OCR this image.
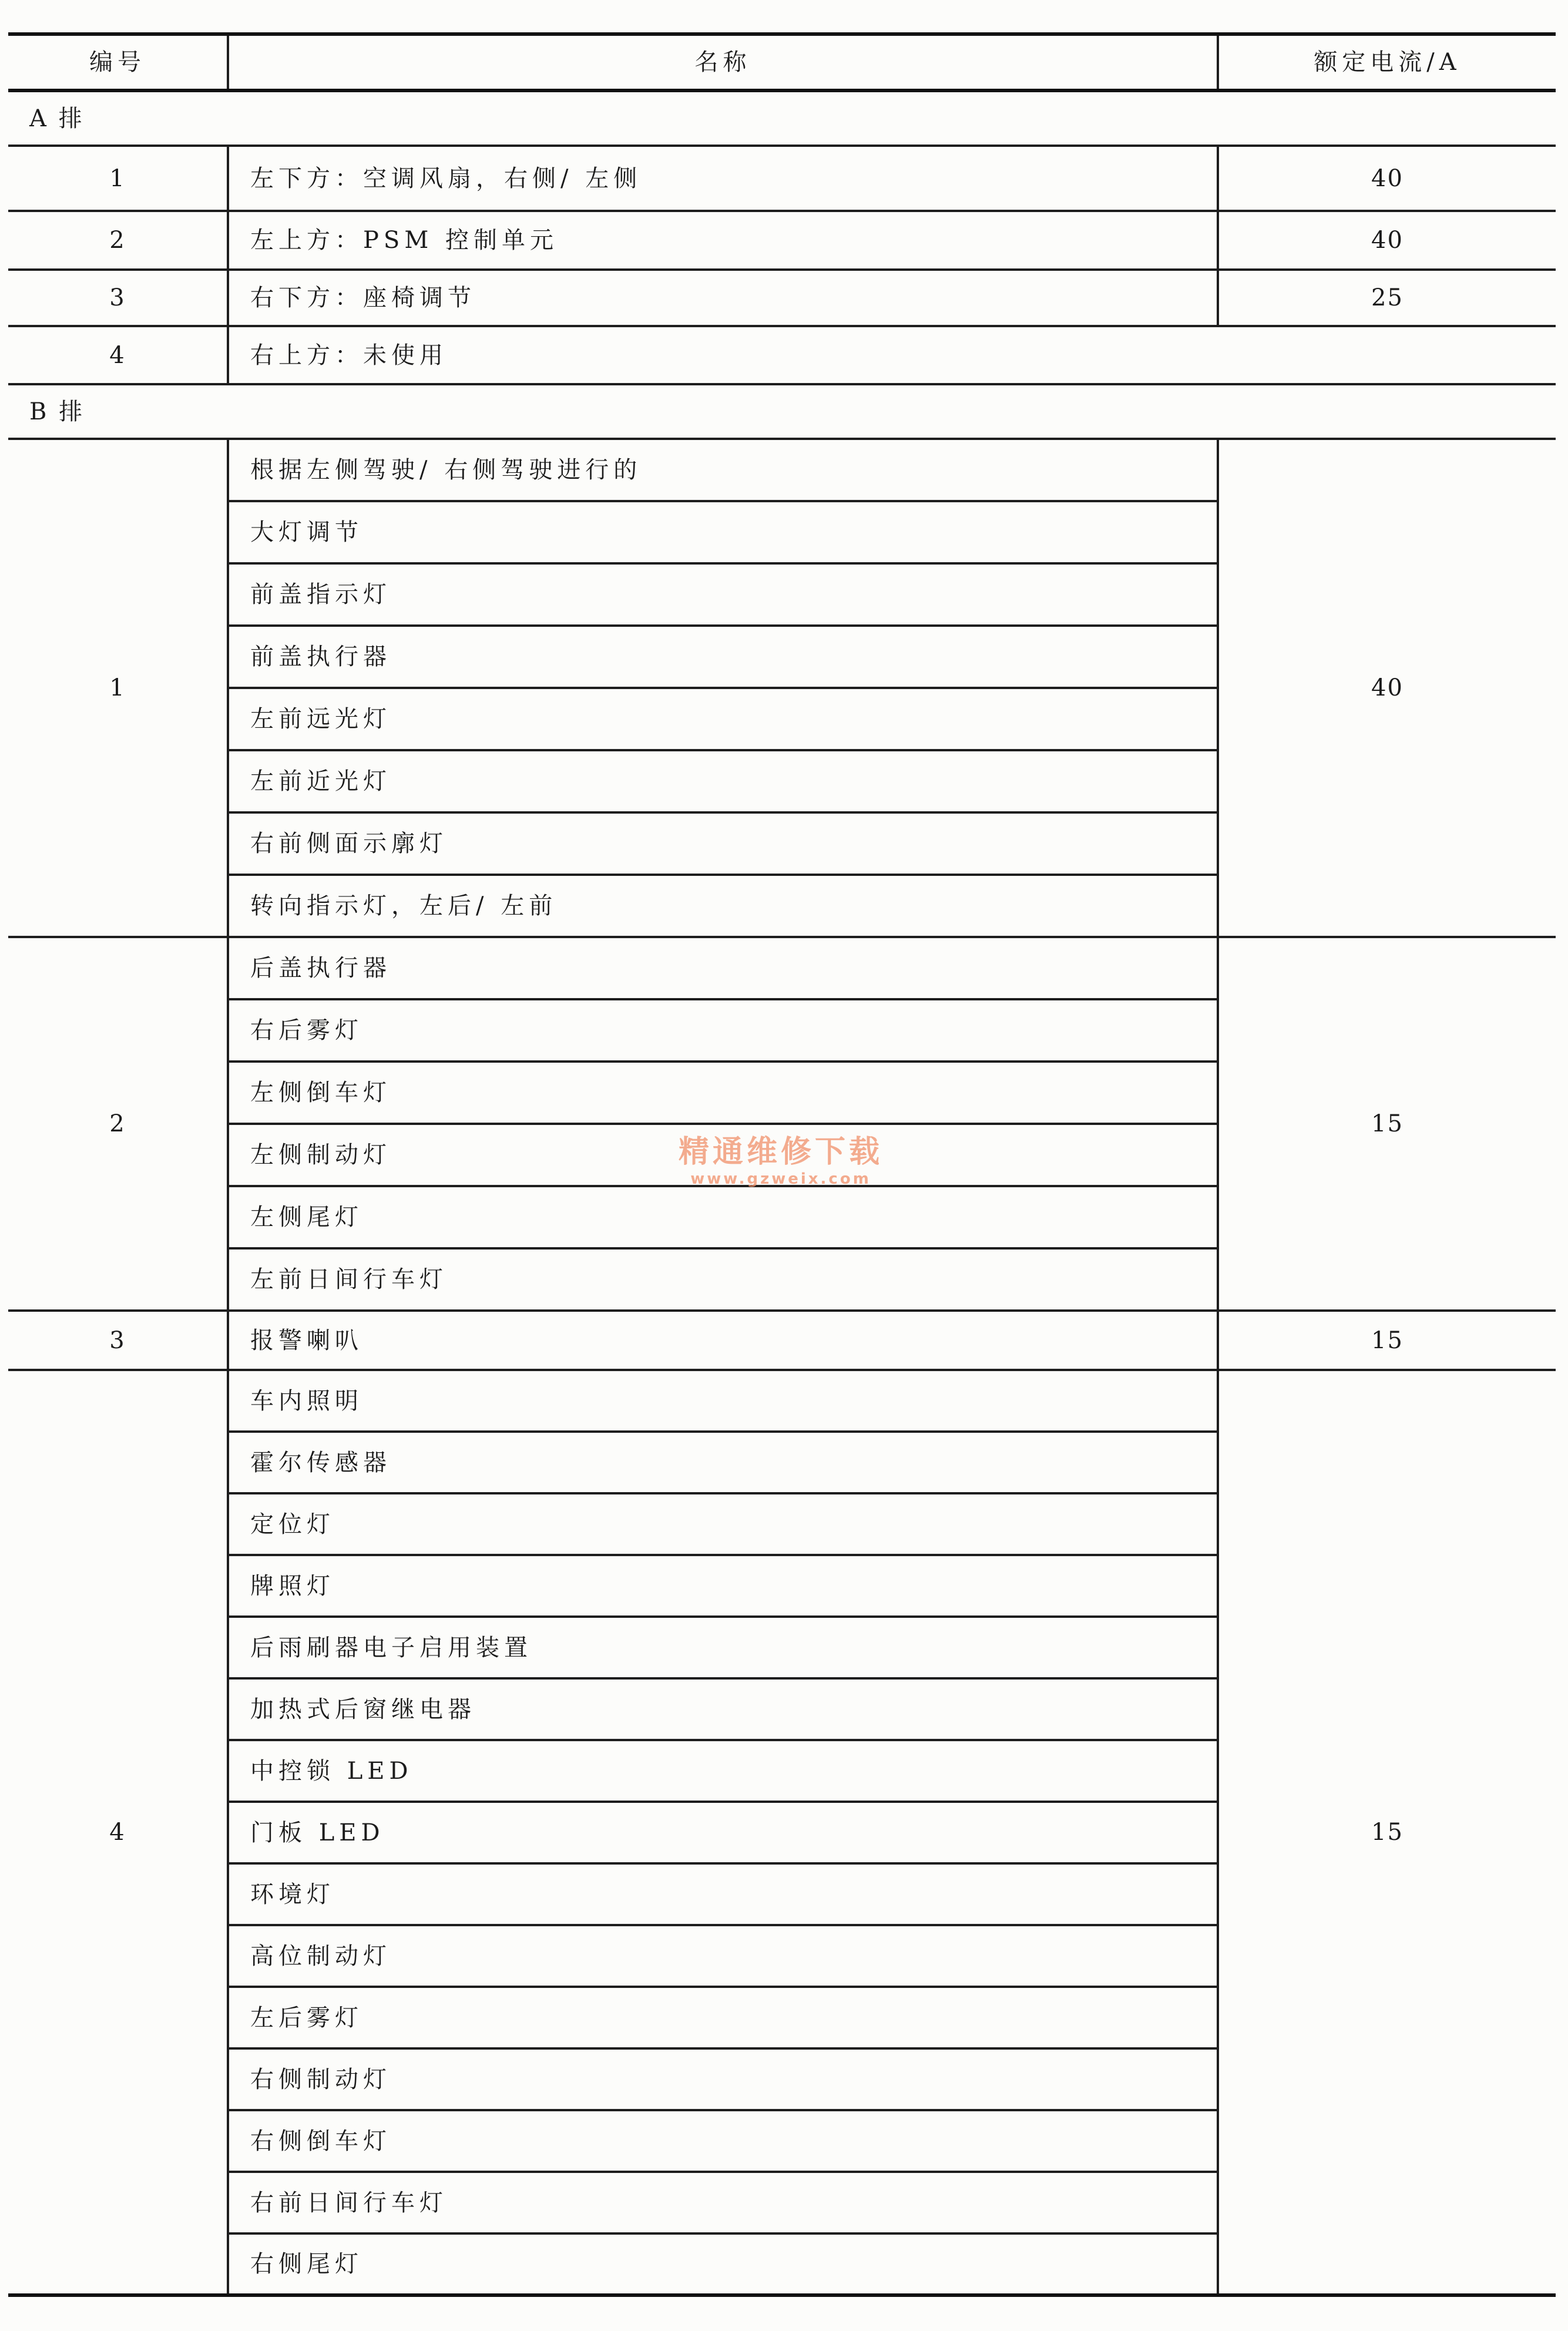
编号	名称	额定电流/A
A 排		
1	左下方：空调风扇，右侧/ 左侧	40
2	左上方：PSM 控制单元	40
3	右下方：座椅调节	25
4	右上方：未使用	
B 排		
1	根据左侧驾驶/ 右侧驾驶进行的	40
	大灯调节	
	前盖指示灯	
	前盖执行器	
	左前远光灯	
	左前近光灯	
	右前侧面示廓灯	
	转向指示灯，左后/ 左前	
2	后盖执行器	15
	右后雾灯	
	左侧倒车灯	
	左侧制动灯	
	左侧尾灯	
	左前日间行车灯	
3	报警喇叭	15
4	车内照明	15
	霍尔传感器	
	定位灯	
	牌照灯	
	后雨刷器电子启用装置	
	加热式后窗继电器	
	中控锁 LED	
	门板 LED	
	环境灯	
	高位制动灯	
	左后雾灯	
	右侧制动灯	
	右侧倒车灯	
	右前日间行车灯	
	右侧尾灯	
精通维修下载
www.gzweix.com
